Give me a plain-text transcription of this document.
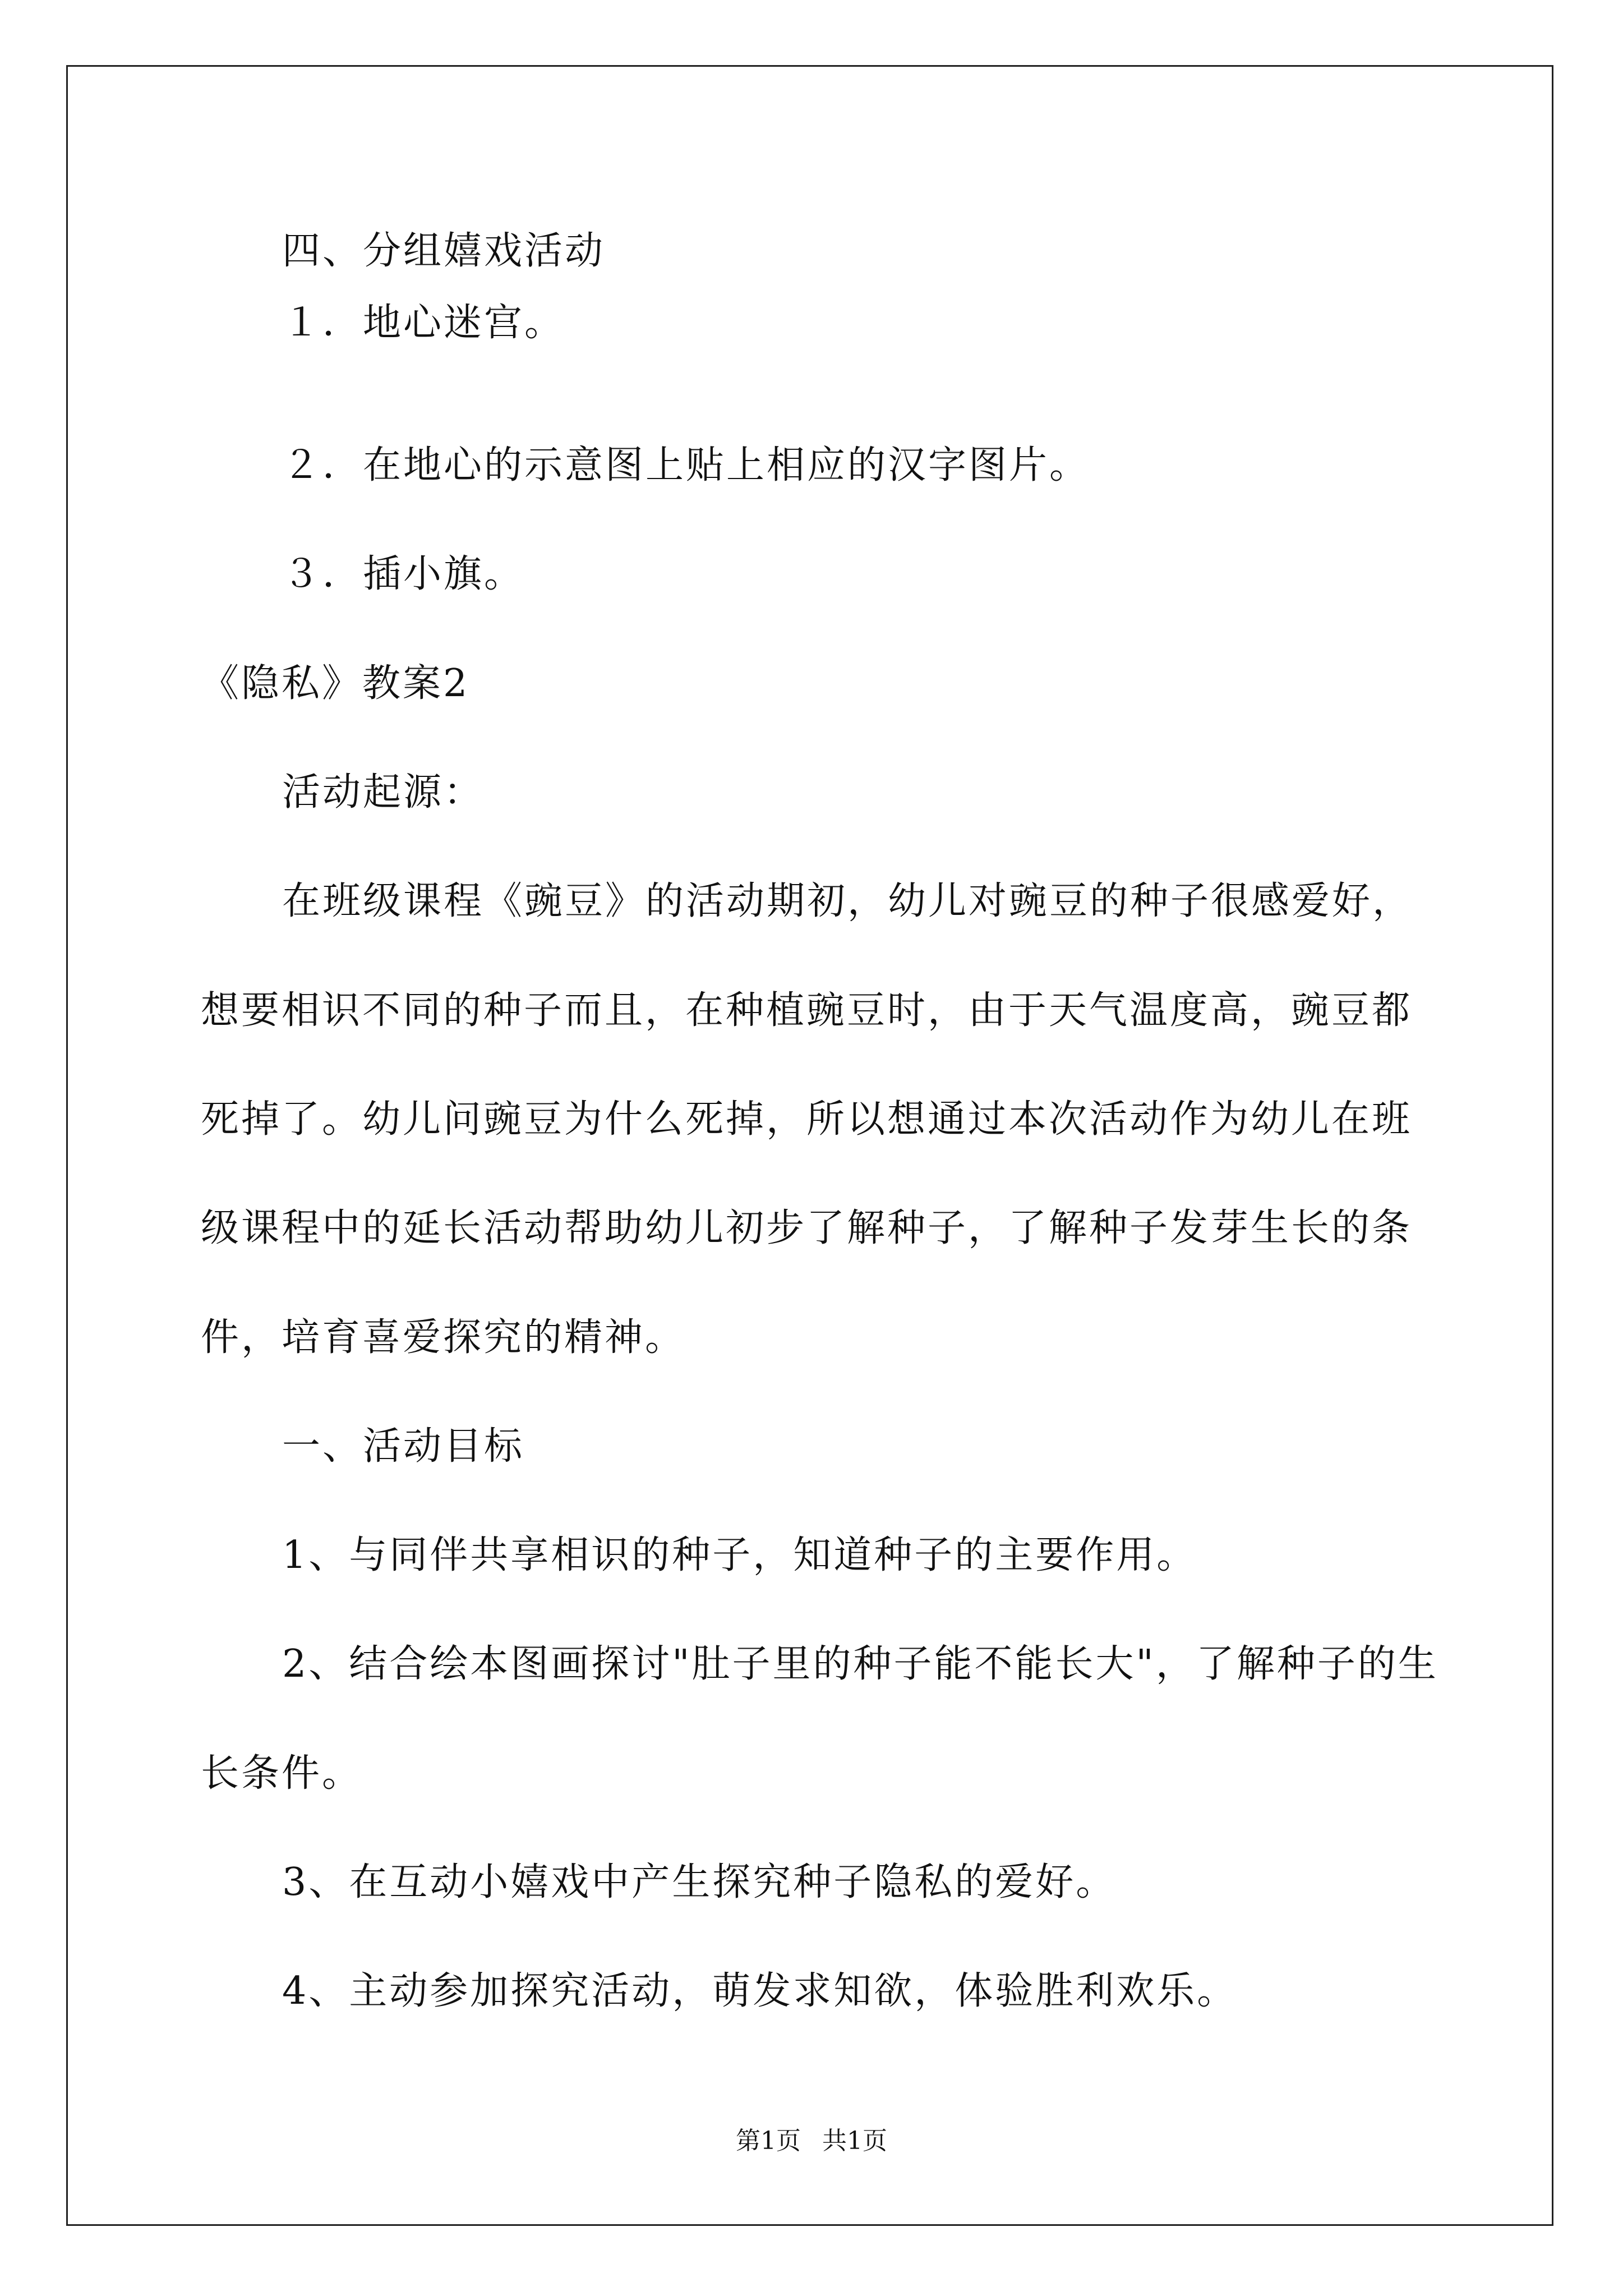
四、分组嬉戏活动
１．地心迷宫。
２．在地心的示意图上贴上相应的汉字图片。
３．插小旗。
《隐私》教案2
活动起源：
在班级课程《豌豆》的活动期初，幼儿对豌豆的种子很感爱好，
想要相识不同的种子而且，在种植豌豆时，由于天气温度高，豌豆都
死掉了。幼儿问豌豆为什么死掉，所以想通过本次活动作为幼儿在班
级课程中的延长活动帮助幼儿初步了解种子，了解种子发芽生长的条
件，培育喜爱探究的精神。
一、活动目标
1、与同伴共享相识的种子，知道种子的主要作用。
2、结合绘本图画探讨"肚子里的种子能不能长大"，了解种子的生
长条件。
3、在互动小嬉戏中产生探究种子隐私的爱好。
4、主动参加探究活动，萌发求知欲，体验胜利欢乐。
第1页 共1页
